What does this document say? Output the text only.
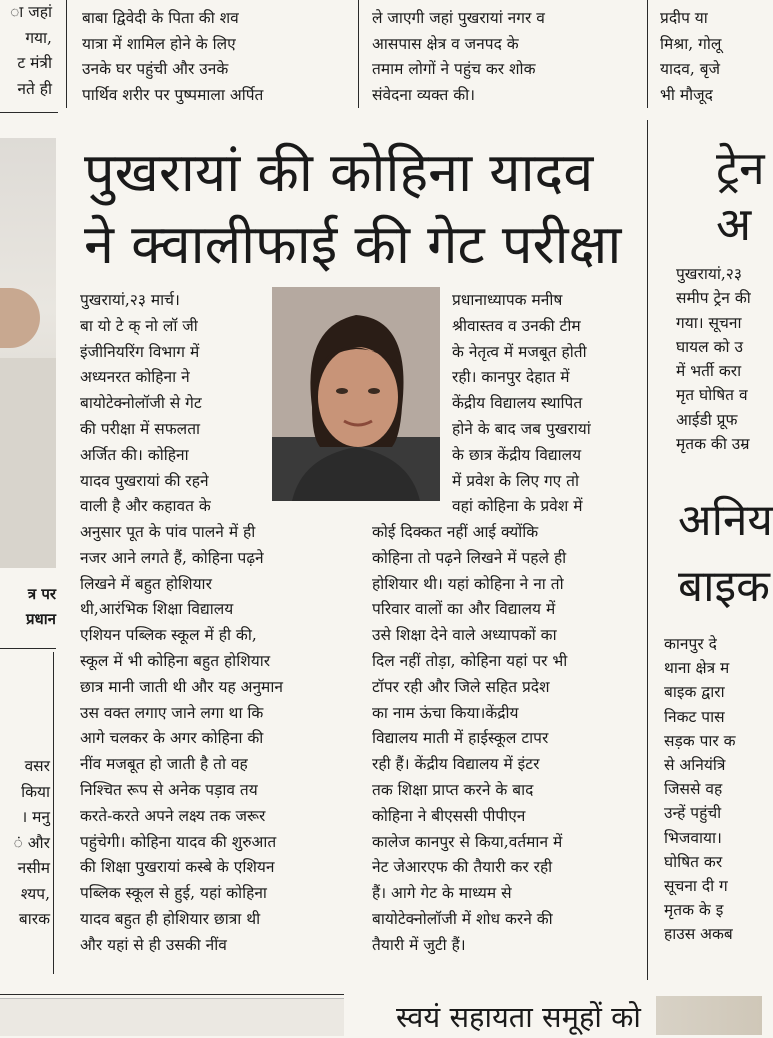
ा जहां
गया,
ट मंत्री
नते ही
बाबा द्विवेदी के पिता की शव
यात्रा में शामिल होने के लिए
उनके घर पहुंची और उनके
पार्थिव शरीर पर पुष्पमाला अर्पित
ले जाएगी जहां पुखरायां नगर व
आसपास क्षेत्र व जनपद के
तमाम लोगों ने पहुंच कर शोक
संवेदना व्यक्त की।
प्रदीप या
मिश्रा, गोलू
यादव, बृजे
भी मौजूद
त्र पर
प्रधान
वसर
किया
। मनु
ं और
नसीम
श्यप,
बारक
पुखरायां की कोहिना यादव
ने क्वालीफाई की गेट परीक्षा
पुखरायां,२३ मार्च।
बा यो टे क् नो लॉ जी
इंजीनियरिंग विभाग में
अध्यनरत कोहिना ने
बायोटेक्नोलॉजी से गेट
की परीक्षा में सफलता
अर्जित की। कोहिना
यादव पुखरायां की रहने
वाली है और कहावत के
प्रधानाध्यापक मनीष
श्रीवास्तव व उनकी टीम
के नेतृत्व में मजबूत होती
रही। कानपुर देहात में
केंद्रीय विद्यालय स्थापित
होने के बाद जब पुखरायां
के छात्र केंद्रीय विद्यालय
में प्रवेश के लिए गए तो
वहां कोहिना के प्रवेश में
अनुसार पूत के पांव पालने में ही
नजर आने लगते हैं, कोहिना पढ़ने
लिखने में बहुत होशियार
थी,आरंभिक शिक्षा विद्यालय
एशियन पब्लिक स्कूल में ही की,
स्कूल में भी कोहिना बहुत होशियार
छात्र मानी जाती थी और यह अनुमान
उस वक्त लगाए जाने लगा था कि
आगे चलकर के अगर कोहिना की
नींव मजबूत हो जाती है तो वह
निश्चित रूप से अनेक पड़ाव तय
करते-करते अपने लक्ष्य तक जरूर
पहुंचेगी। कोहिना यादव की शुरुआत
की शिक्षा पुखरायां कस्बे के एशियन
पब्लिक स्कूल से हुई, यहां कोहिना
यादव बहुत ही होशियार छात्रा थी
और यहां से ही उसकी नींव
कोई दिक्कत नहीं आई क्योंकि
कोहिना तो पढ़ने लिखने में पहले ही
होशियार थी। यहां कोहिना ने ना तो
परिवार वालों का और विद्यालय में
उसे शिक्षा देने वाले अध्यापकों का
दिल नहीं तोड़ा, कोहिना यहां पर भी
टॉपर रही और जिले सहित प्रदेश
का नाम ऊंचा किया।केंद्रीय
विद्यालय माती में हाईस्कूल टापर
रही हैं। केंद्रीय विद्यालय में इंटर
तक शिक्षा प्राप्त करने के बाद
कोहिना ने बीएससी पीपीएन
कालेज कानपुर से किया,वर्तमान में
नेट जेआरएफ की तैयारी कर रही
हैं। आगे गेट के माध्यम से
बायोटेक्नोलॉजी में शोध करने की
तैयारी में जुटी हैं।
ट्रेन
अ
पुखरायां,२३
समीप ट्रेन की
गया। सूचना
घायल को उ
में भर्ती करा
मृत घोषित व
आईडी प्रूफ
मृतक की उम्र
अनिय
बाइक
कानपुर दे
थाना क्षेत्र म
बाइक द्वारा
निकट पास
सड़क पार क
से अनियंत्रि
जिससे वह
उन्हें पहुंची
भिजवाया।
घोषित कर
सूचना दी ग
मृतक के इ
हाउस अकब
स्वयं सहायता समूहों को
